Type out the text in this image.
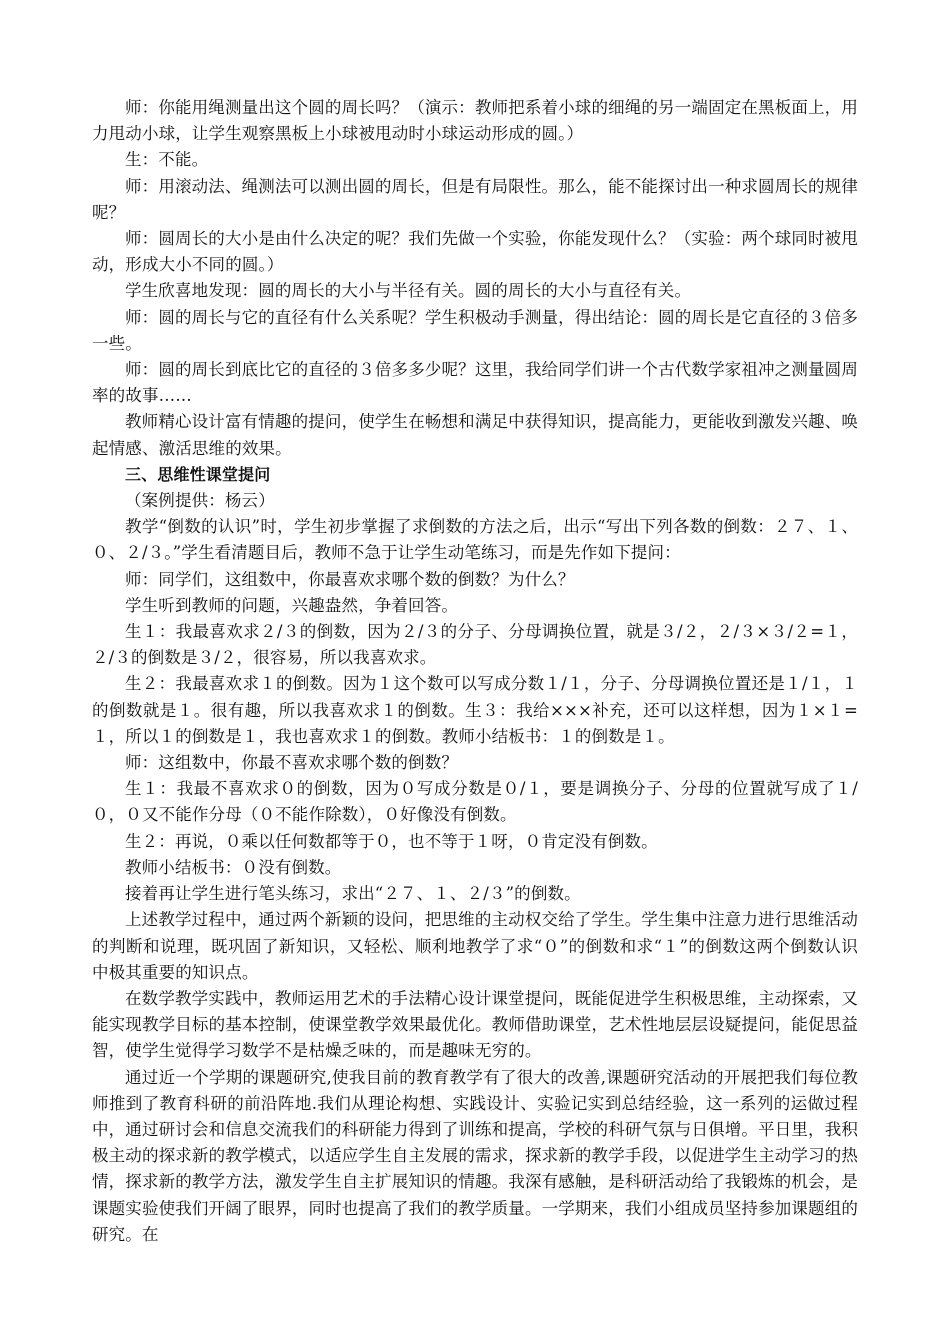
师：你能用绳测量出这个圆的周长吗？（演示：教师把系着小球的细绳的另一端固定在黑板面上，用力甩动小球，让学生观察黑板上小球被甩动时小球运动形成的圆。）

生：不能。

师：用滚动法、绳测法可以测出圆的周长，但是有局限性。那么，能不能探讨出一种求圆周长的规律呢？

师：圆周长的大小是由什么决定的呢？我们先做一个实验，你能发现什么？（实验：两个球同时被甩动，形成大小不同的圆。）

学生欣喜地发现：圆的周长的大小与半径有关。圆的周长的大小与直径有关。

师：圆的周长与它的直径有什么关系呢？学生积极动手测量，得出结论：圆的周长是它直径的３倍多一些。

师：圆的周长到底比它的直径的３倍多多少呢？这里，我给同学们讲一个古代数学家祖冲之测量圆周率的故事……

教师精心设计富有情趣的提问，使学生在畅想和满足中获得知识，提高能力，更能收到激发兴趣、唤起情感、激活思维的效果。

三、思维性课堂提问

（案例提供：杨云）

教学“倒数的认识”时，学生初步掌握了求倒数的方法之后，出示“写出下列各数的倒数：２７、１、０、２/３。”学生看清题目后，教师不急于让学生动笔练习，而是先作如下提问：

师：同学们，这组数中，你最喜欢求哪个数的倒数？为什么？

学生听到教师的问题，兴趣盎然，争着回答。

生１：我最喜欢求２/３的倒数，因为２/３的分子、分母调换位置，就是３/２，２/３×３/２=１，２/３的倒数是３/２，很容易，所以我喜欢求。

生２：我最喜欢求１的倒数。因为１这个数可以写成分数１/１，分子、分母调换位置还是１/１，１的倒数就是１。很有趣，所以我喜欢求１的倒数。生３：我给×××补充，还可以这样想，因为１×１=１，所以１的倒数是１，我也喜欢求１的倒数。教师小结板书：１的倒数是１。

师：这组数中，你最不喜欢求哪个数的倒数？

生１：我最不喜欢求０的倒数，因为０写成分数是０/１，要是调换分子、分母的位置就写成了１/０，０又不能作分母（０不能作除数），０好像没有倒数。

生２：再说，０乘以任何数都等于０，也不等于１呀，０肯定没有倒数。

教师小结板书：０没有倒数。

接着再让学生进行笔头练习，求出“２７、１、２/３”的倒数。

上述教学过程中，通过两个新颖的设问，把思维的主动权交给了学生。学生集中注意力进行思维活动的判断和说理，既巩固了新知识，又轻松、顺利地教学了求“０”的倒数和求“１”的倒数这两个倒数认识中极其重要的知识点。

在数学教学实践中，教师运用艺术的手法精心设计课堂提问，既能促进学生积极思维，主动探索，又能实现教学目标的基本控制，使课堂教学效果最优化。教师借助课堂，艺术性地层层设疑提问，能促思益智，使学生觉得学习数学不是枯燥乏味的，而是趣味无穷的。

通过近一个学期的课题研究,使我目前的教育教学有了很大的改善,课题研究活动的开展把我们每位教师推到了教育科研的前沿阵地.我们从理论构想、实践设计、实验记实到总结经验，这一系列的运做过程中，通过研讨会和信息交流我们的科研能力得到了训练和提高，学校的科研气氛与日俱增。平日里，我积极主动的探求新的教学模式，以适应学生自主发展的需求，探求新的教学手段，以促进学生主动学习的热情，探求新的教学方法，激发学生自主扩展知识的情趣。我深有感触，是科研活动给了我锻炼的机会，是课题实验使我们开阔了眼界，同时也提高了我们的教学质量。一学期来，我们小组成员坚持参加课题组的研究。在
